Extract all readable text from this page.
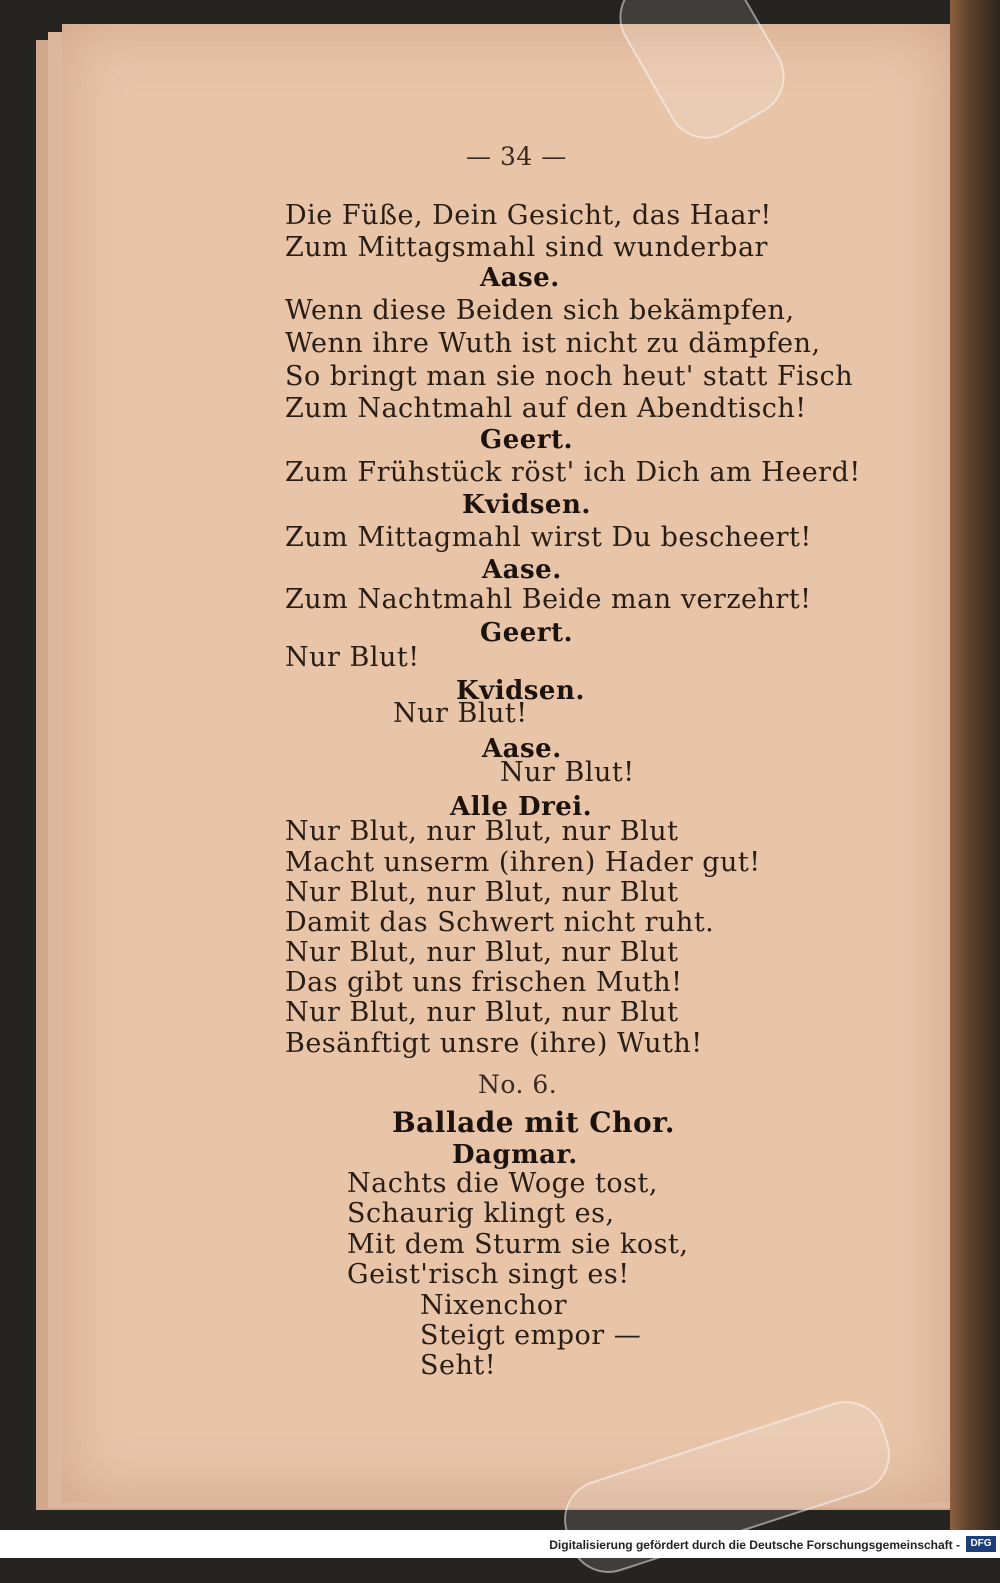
— 34 —
Die Füße, Dein Gesicht, das Haar!
Zum Mittagsmahl sind wunderbar
Aase.
Wenn diese Beiden sich bekämpfen,
Wenn ihre Wuth ist nicht zu dämpfen,
So bringt man sie noch heut' statt Fisch
Zum Nachtmahl auf den Abendtisch!
Geert.
Zum Frühstück röst' ich Dich am Heerd!
Kvidsen.
Zum Mittagmahl wirst Du bescheert!
Aase.
Zum Nachtmahl Beide man verzehrt!
Geert.
Nur Blut!
Kvidsen.
Nur Blut!
Aase.
Nur Blut!
Alle Drei.
Nur Blut, nur Blut, nur Blut
Macht unserm (ihren) Hader gut!
Nur Blut, nur Blut, nur Blut
Damit das Schwert nicht ruht.
Nur Blut, nur Blut, nur Blut
Das gibt uns frischen Muth!
Nur Blut, nur Blut, nur Blut
Besänftigt unsre (ihre) Wuth!
No. 6.
Ballade mit Chor.
Dagmar.
Nachts die Woge tost,
Schaurig klingt es,
Mit dem Sturm sie kost,
Geist'risch singt es!
Nixenchor
Steigt empor —
Seht!
Digitalisierung gefördert durch die Deutsche Forschungsgemeinschaft -	DFG
